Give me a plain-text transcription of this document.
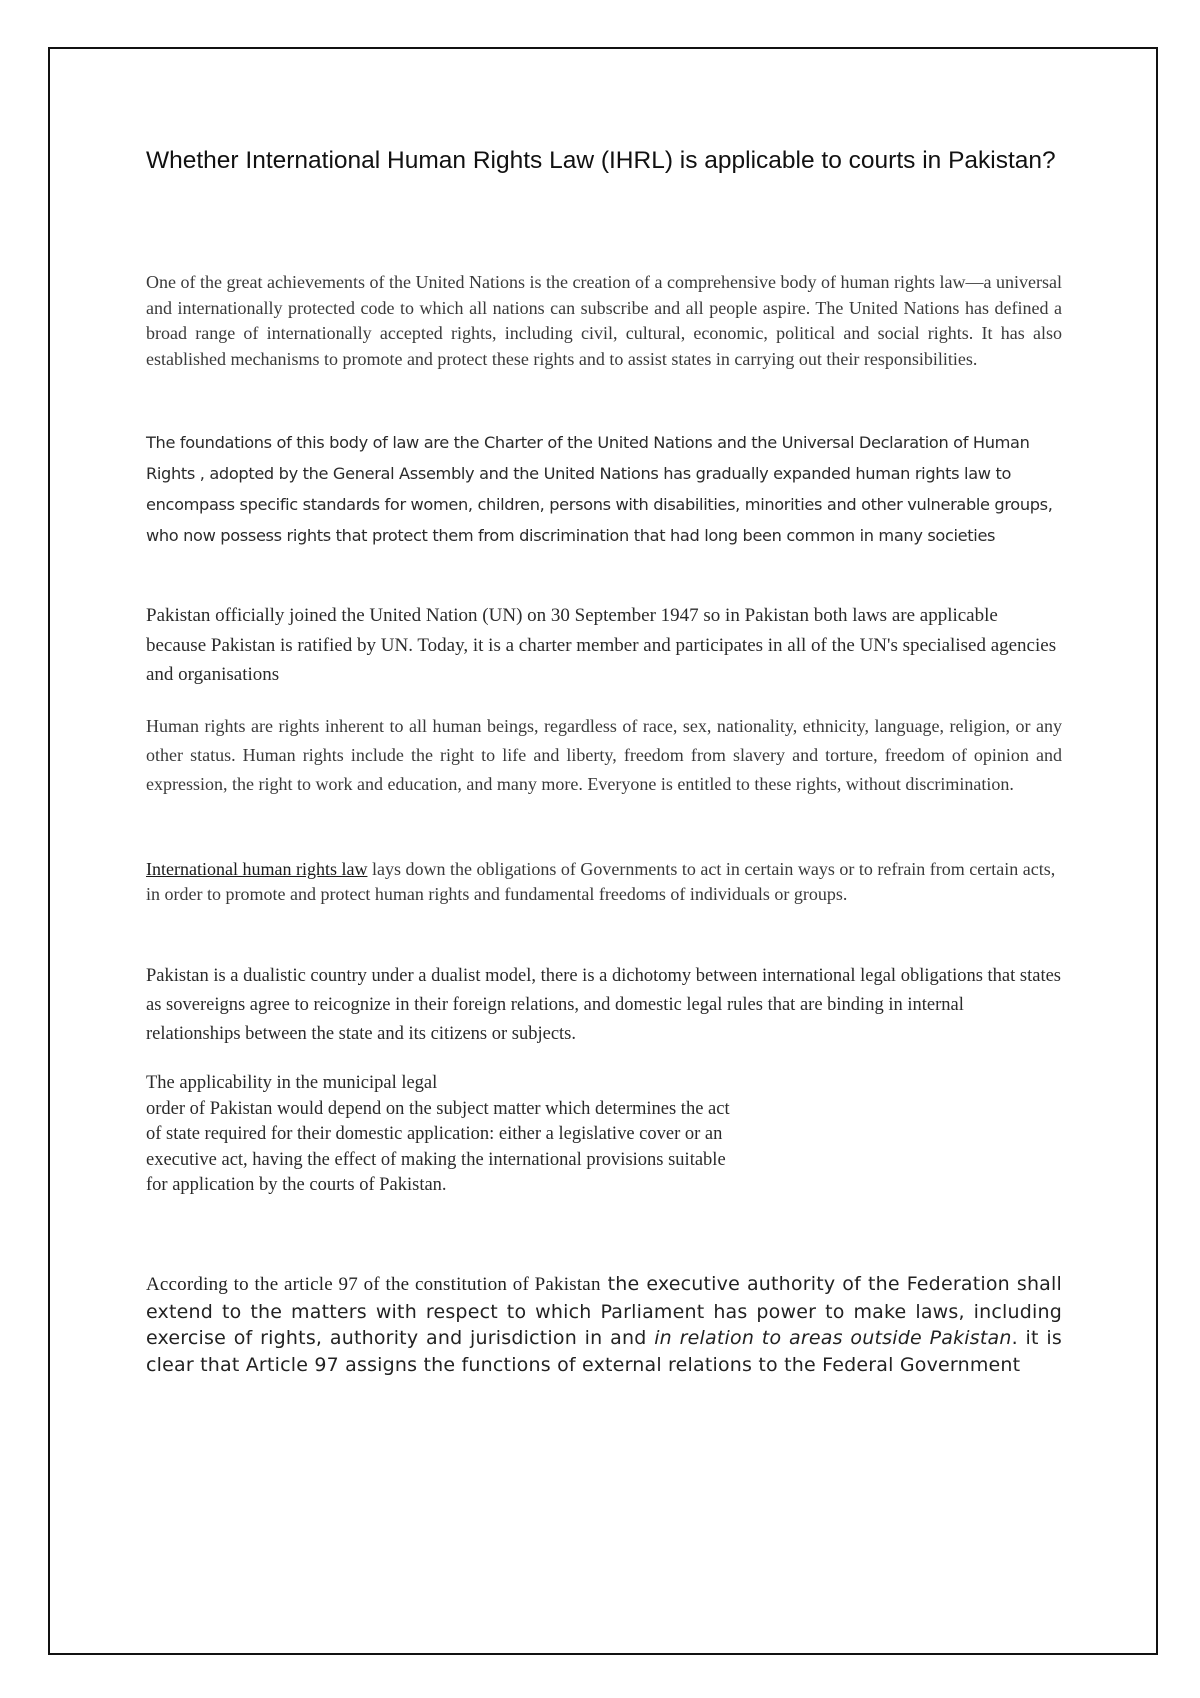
Whether International Human Rights Law (IHRL) is applicable to courts in Pakistan?

One of the great achievements of the United Nations is the creation of a comprehensive body of human rights law—a universal and internationally protected code to which all nations can subscribe and all people aspire. The United Nations has defined a broad range of internationally accepted rights, including civil, cultural, economic, political and social rights. It has also established mechanisms to promote and protect these rights and to assist states in carrying out their responsibilities.

The foundations of this body of law are the Charter of the United Nations and the Universal Declaration of Human Rights , adopted by the General Assembly and the United Nations has gradually expanded human rights law to encompass specific standards for women, children, persons with disabilities, minorities and other vulnerable groups, who now possess rights that protect them from discrimination that had long been common in many societies

Pakistan officially joined the United Nation (UN) on 30 September 1947 so in Pakistan both laws are applicable because Pakistan is ratified by UN. Today, it is a charter member and participates in all of the UN's specialised agencies and organisations

Human rights are rights inherent to all human beings, regardless of race, sex, nationality, ethnicity, language, religion, or any other status. Human rights include the right to life and liberty, freedom from slavery and torture, freedom of opinion and expression, the right to work and education, and many more. Everyone is entitled to these rights, without discrimination.

International human rights law lays down the obligations of Governments to act in certain ways or to refrain from certain acts, in order to promote and protect human rights and fundamental freedoms of individuals or groups.

Pakistan is a dualistic country under a dualist model, there is a dichotomy between international legal obligations that states as sovereigns agree to reicognize in their foreign relations, and domestic legal rules that are binding in internal relationships between the state and its citizens or subjects.

The applicability in the municipal legal
order of Pakistan would depend on the subject matter which determines the act
of state required for their domestic application: either a legislative cover or an
executive act, having the effect of making the international provisions suitable
for application by the courts of Pakistan.

According to the article 97 of the constitution of Pakistan the executive authority of the Federation shall extend to the matters with respect to which Parliament has power to make laws, including exercise of rights, authority and jurisdiction in and in relation to areas outside Pakistan. it is clear that Article 97 assigns the functions of external relations to the Federal Government
